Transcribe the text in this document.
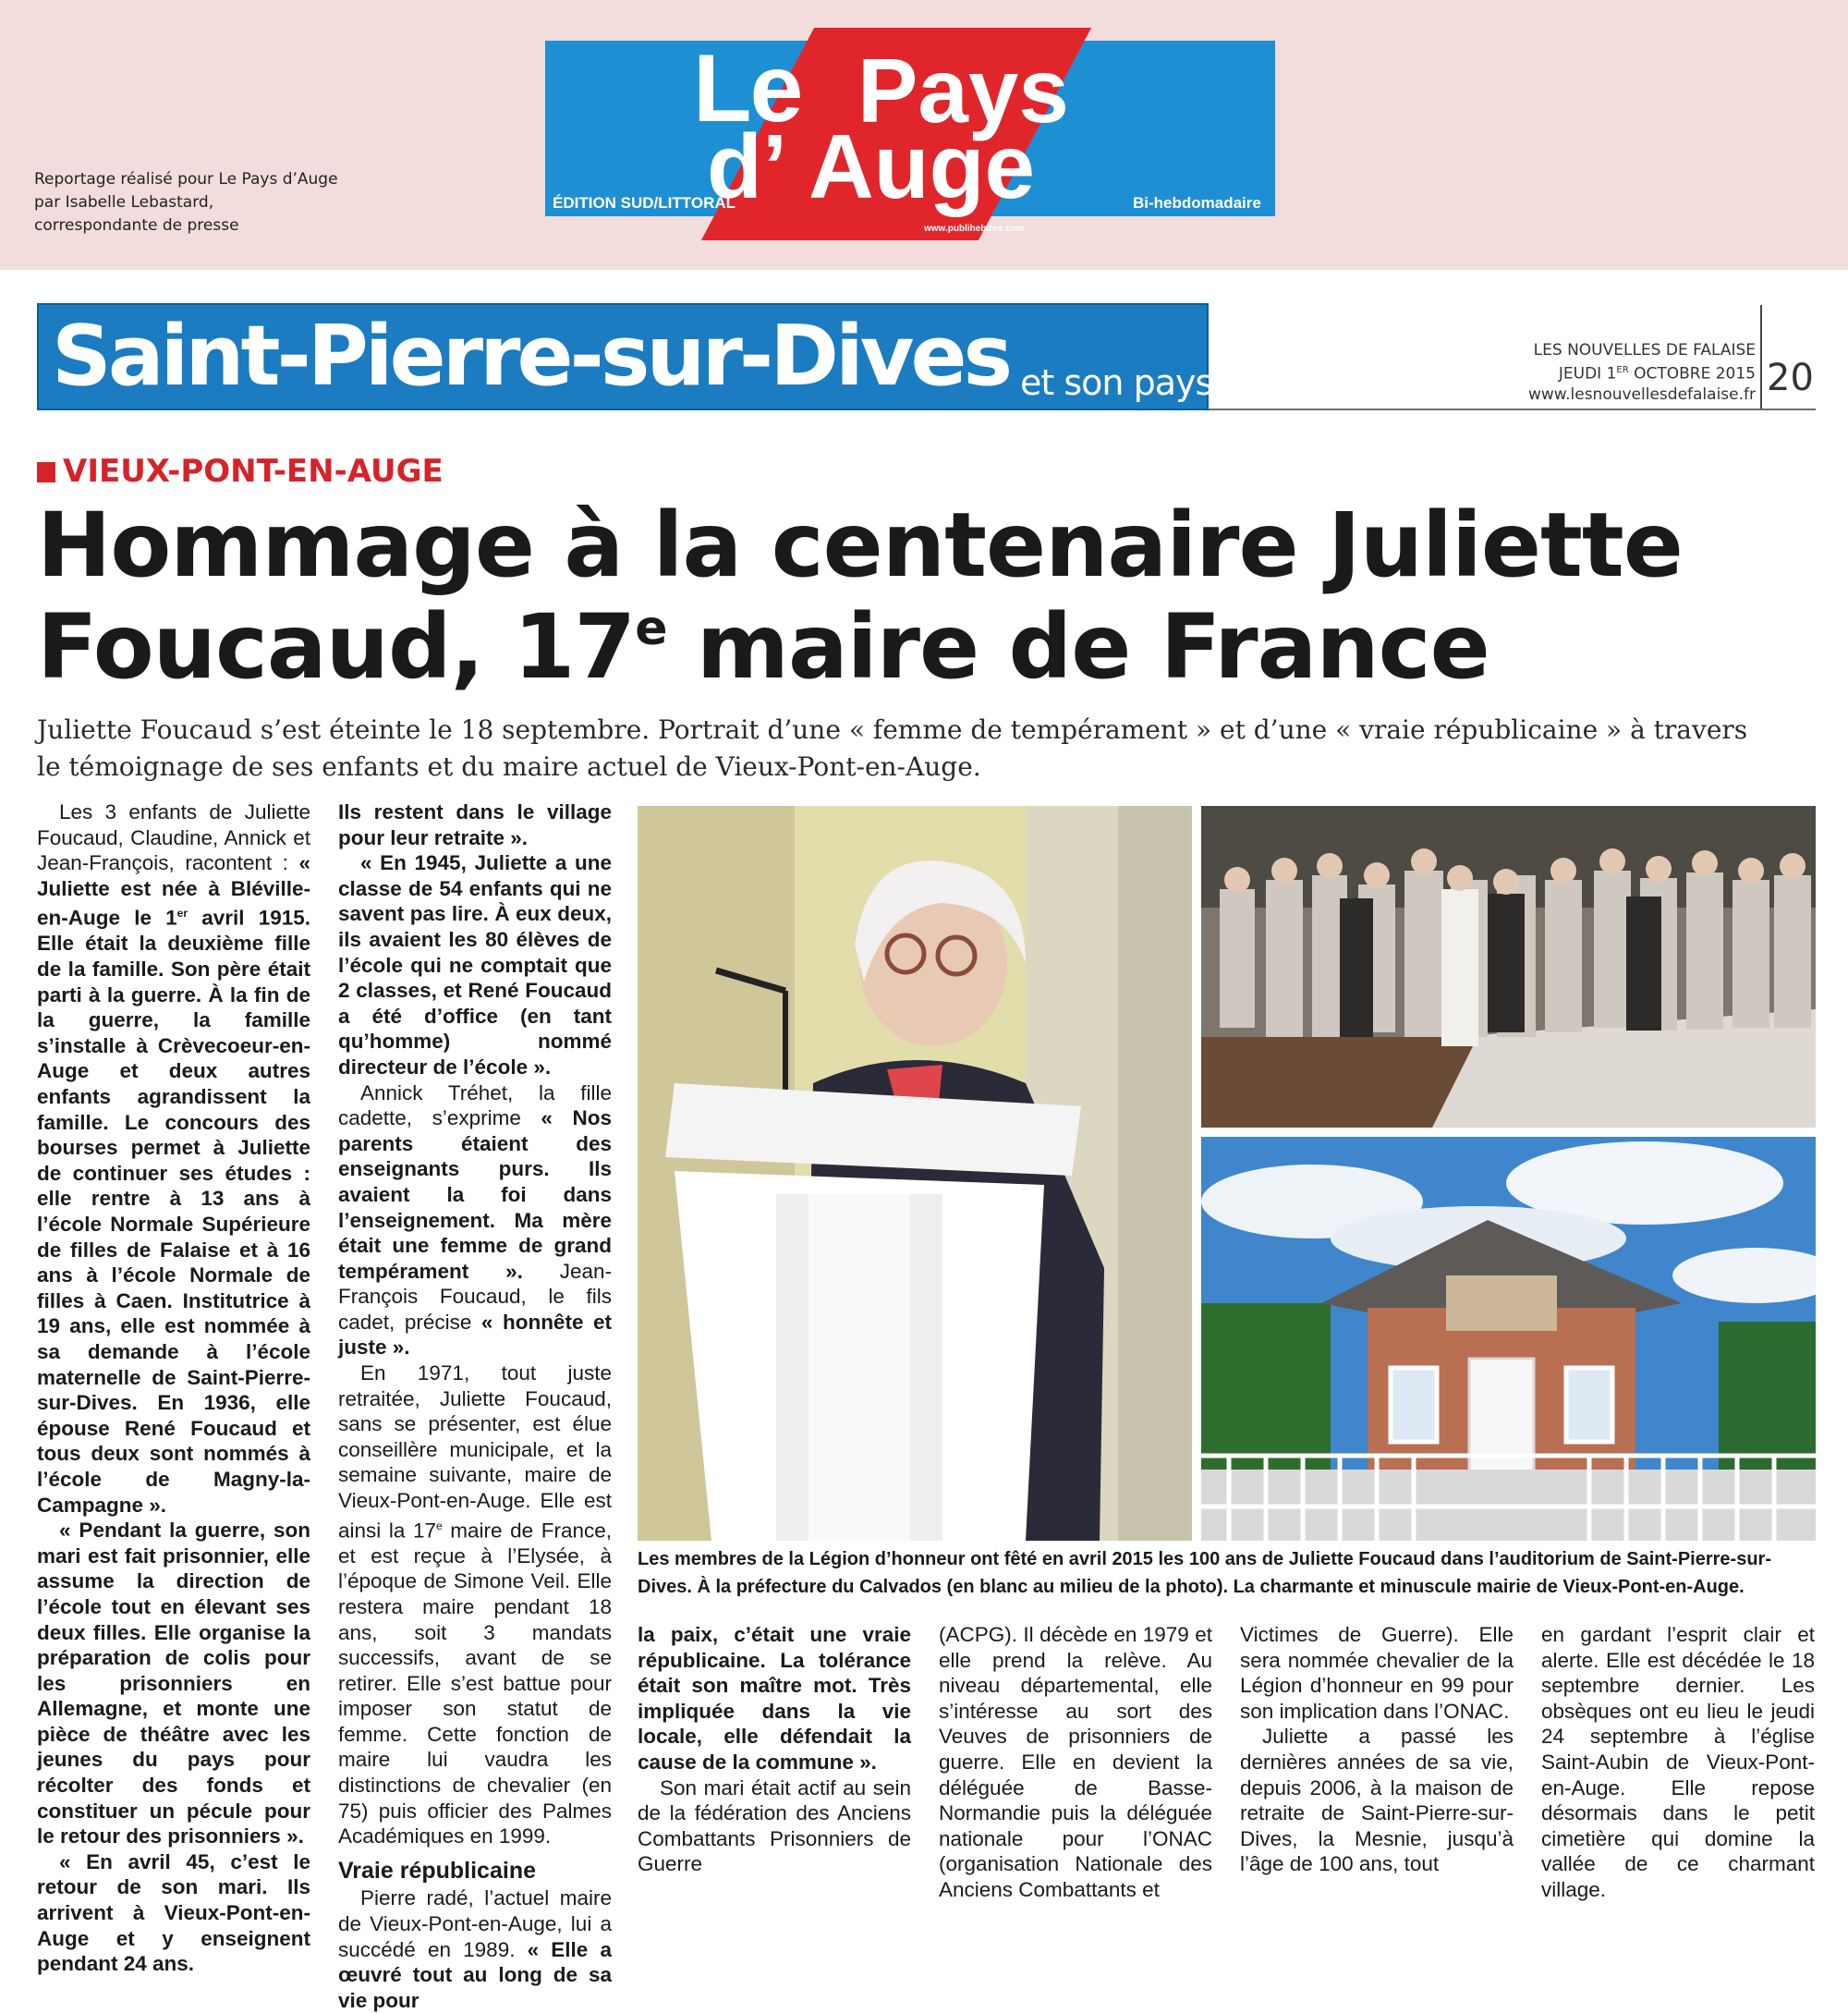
Reportage réalisé pour Le Pays d’Auge
par Isabelle Lebastard,
correspondante de presse
Le
d’
Pays
Auge
ÉDITION SUD/LITTORAL	Bi-hebdomadaire
www.publihebdos.com
Saint-Pierre-sur-Dives et son pays
LES NOUVELLES DE FALAISE
JEUDI 1ER OCTOBRE 2015
www.lesnouvellesdefalaise.fr 20
VIEUX-PONT-EN-AUGE
Hommage à la centenaire Juliette
Foucaud, 17e maire de France
Juliette Foucaud s’est éteinte le 18 septembre. Portrait d’une « femme de tempérament » et d’une « vraie républicaine » à travers
le témoignage de ses enfants et du maire actuel de Vieux-Pont-en-Auge.

Les 3 enfants de Juliette Foucaud, Claudine, Annick et Jean-François, racontent : « Juliette est née à Bléville-en-Auge le 1er avril 1915. Elle était la deuxième fille de la famille. Son père était parti à la guerre. À la fin de la guerre, la famille s’installe à Crèvecoeur-en-Auge et deux autres enfants agrandissent la famille. Le concours des bourses permet à Juliette de continuer ses études : elle rentre à 13 ans à l’école Normale Supérieure de filles de Falaise et à 16 ans à l’école Normale de filles à Caen. Institutrice à 19 ans, elle est nommée à sa demande à l’école maternelle de Saint-Pierre-sur-Dives. En 1936, elle épouse René Foucaud et tous deux sont nommés à l’école de Magny-la-Campagne ».

« Pendant la guerre, son mari est fait prisonnier, elle assume la direction de l’école tout en élevant ses deux filles. Elle organise la préparation de colis pour les prisonniers en Allemagne, et monte une pièce de théâtre avec les jeunes du pays pour récolter des fonds et constituer un pécule pour le retour des prisonniers ».

« En avril 45, c’est le retour de son mari. Ils arrivent à Vieux-Pont-en-Auge et y enseignent pendant 24 ans.

Ils restent dans le village pour leur retraite ».

« En 1945, Juliette a une classe de 54 enfants qui ne savent pas lire. À eux deux, ils avaient les 80 élèves de l’école qui ne comptait que 2 classes, et René Foucaud a été d’office (en tant qu’homme) nommé directeur de l’école ».

Annick Tréhet, la fille cadette, s’exprime « Nos parents étaient des enseignants purs. Ils avaient la foi dans l’enseignement. Ma mère était une femme de grand tempérament ». Jean-François Foucaud, le fils cadet, précise « honnête et juste ».

En 1971, tout juste retraitée, Juliette Foucaud, sans se présenter, est élue conseillère municipale, et la semaine suivante, maire de Vieux-Pont-en-Auge. Elle est ainsi la 17e maire de France, et est reçue à l’Elysée, à l’époque de Simone Veil. Elle restera maire pendant 18 ans, soit 3 mandats successifs, avant de se retirer. Elle s’est battue pour imposer son statut de femme. Cette fonction de maire lui vaudra les distinctions de chevalier (en 75) puis officier des Palmes Académiques en 1999.

Vraie républicaine

Pierre radé, l’actuel maire de Vieux-Pont-en-Auge, lui a succédé en 1989. « Elle a œuvré tout au long de sa vie pour

Les membres de la Légion d’honneur ont fêté en avril 2015 les 100 ans de Juliette Foucaud dans l’auditorium de Saint-Pierre-sur-Dives. À la préfecture du Calvados (en blanc au milieu de la photo). La charmante et minuscule mairie de Vieux-Pont-en-Auge.

la paix, c’était une vraie républicaine. La tolérance était son maître mot. Très impliquée dans la vie locale, elle défendait la cause de la commune ».

Son mari était actif au sein de la fédération des Anciens Combattants Prisonniers de Guerre

(ACPG). Il décède en 1979 et elle prend la relève. Au niveau départemental, elle s’intéresse au sort des Veuves de prisonniers de guerre. Elle en devient la déléguée de Basse-Normandie puis la déléguée nationale pour l’ONAC (organisation Nationale des Anciens Combattants et

Victimes de Guerre). Elle sera nommée chevalier de la Légion d’honneur en 99 pour son implication dans l’ONAC.

Juliette a passé les dernières années de sa vie, depuis 2006, à la maison de retraite de Saint-Pierre-sur-Dives, la Mesnie, jusqu’à l’âge de 100 ans, tout

en gardant l’esprit clair et alerte. Elle est décédée le 18 septembre dernier. Les obsèques ont eu lieu le jeudi 24 septembre à l’église Saint-Aubin de Vieux-Pont-en-Auge. Elle repose désormais dans le petit cimetière qui domine la vallée de ce charmant village.
